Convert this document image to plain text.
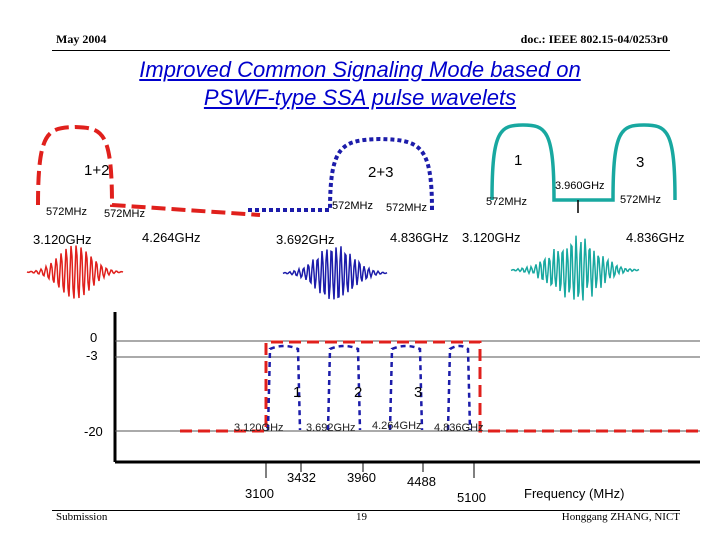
May 2004	doc.: IEEE 802.15-04/0253r0
Improved Common Signaling Mode based on
PSWF-type SSA pulse wavelets
1+2
572MHz 572MHz
3.120GHz	4.264GHz
2+3
572MHz 572MHz
3.692GHz	4.836GHz
1	3
3.960GHz
572MHz	572MHz
3.120GHz	4.836GHz
0
-3
-20
1	2	3
3.120GHz 3.692GHz 4.264GHz 4.836GHz
3100
3432 3960 4488
5100	Frequency (MHz)
Submission	19	Honggang ZHANG, NICT
